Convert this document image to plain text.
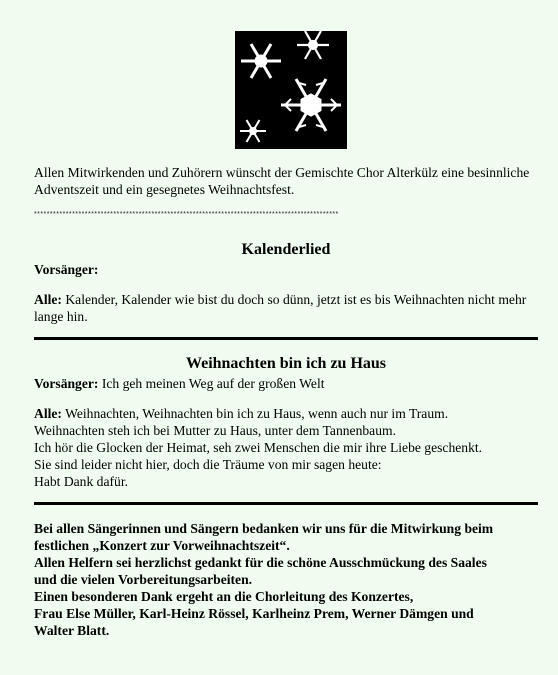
Allen Mitwirkenden und Zuhörern wünscht der Gemischte Chor Alterkülz eine besinnliche Adventszeit und ein gesegnetes Weihnachtsfest.

************************************************************************************************
Kalenderlied

Vorsänger:

Alle: Kalender, Kalender wie bist du doch so dünn, jetzt ist es bis Weihnachten nicht mehr lange hin.

Weihnachten bin ich zu Haus

Vorsänger: Ich geh meinen Weg auf der großen Welt

Alle: Weihnachten, Weihnachten bin ich zu Haus, wenn auch nur im Traum.

Weihnachten steh ich bei Mutter zu Haus, unter dem Tannenbaum.

Ich hör die Glocken der Heimat, seh zwei Menschen die mir ihre Liebe geschenkt.

Sie sind leider nicht hier, doch die Träume von mir sagen heute:

Habt Dank dafür.

Bei allen Sängerinnen und Sängern bedanken wir uns für die Mitwirkung beim
festlichen „Konzert zur Vorweihnachtszeit“.
Allen Helfern sei herzlichst gedankt für die schöne Ausschmückung des Saales
und die vielen Vorbereitungsarbeiten.
Einen besonderen Dank ergeht an die Chorleitung des Konzertes,
Frau Else Müller, Karl-Heinz Rössel, Karlheinz Prem, Werner Dämgen und
Walter Blatt.
